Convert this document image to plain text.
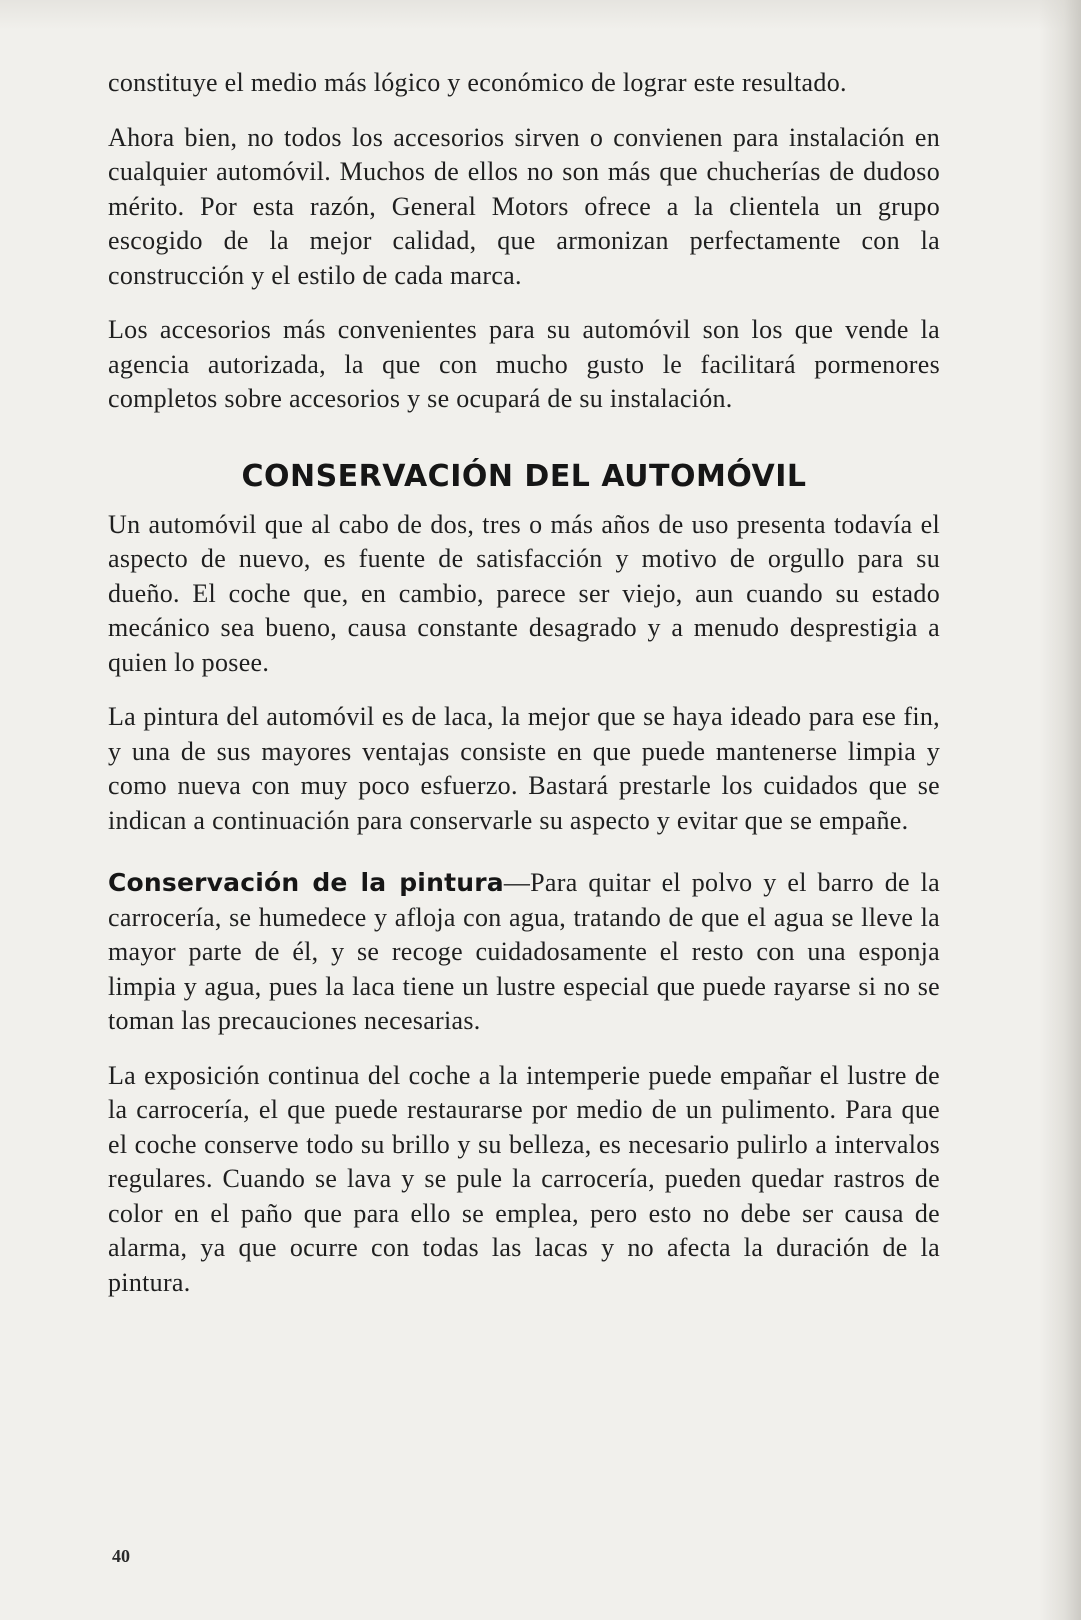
constituye el medio más lógico y económico de lograr este resultado.

Ahora bien, no todos los accesorios sirven o convienen para instalación en cualquier automóvil. Muchos de ellos no son más que chucherías de dudoso mérito. Por esta razón, General Motors ofrece a la clientela un grupo escogido de la mejor calidad, que armonizan perfectamente con la construcción y el estilo de cada marca.

Los accesorios más convenientes para su automóvil son los que vende la agencia autorizada, la que con mucho gusto le facilitará pormenores completos sobre accesorios y se ocupará de su instalación.

CONSERVACIÓN DEL AUTOMÓVIL

Un automóvil que al cabo de dos, tres o más años de uso presenta todavía el aspecto de nuevo, es fuente de satisfacción y motivo de orgullo para su dueño. El coche que, en cambio, parece ser viejo, aun cuando su estado mecánico sea bueno, causa constante desagrado y a menudo desprestigia a quien lo posee.

La pintura del automóvil es de laca, la mejor que se haya ideado para ese fin, y una de sus mayores ventajas consiste en que puede mantenerse limpia y como nueva con muy poco esfuerzo. Bastará prestarle los cuidados que se indican a continuación para conservarle su aspecto y evitar que se empañe.

Conservación de la pintura—Para quitar el polvo y el barro de la carrocería, se humedece y afloja con agua, tratando de que el agua se lleve la mayor parte de él, y se recoge cuidadosamente el resto con una esponja limpia y agua, pues la laca tiene un lustre especial que puede rayarse si no se toman las precauciones necesarias.

La exposición continua del coche a la intemperie puede empañar el lustre de la carrocería, el que puede restaurarse por medio de un pulimento. Para que el coche conserve todo su brillo y su belleza, es necesario pulirlo a intervalos regulares. Cuando se lava y se pule la carrocería, pueden quedar rastros de color en el paño que para ello se emplea, pero esto no debe ser causa de alarma, ya que ocurre con todas las lacas y no afecta la duración de la pintura.

40
